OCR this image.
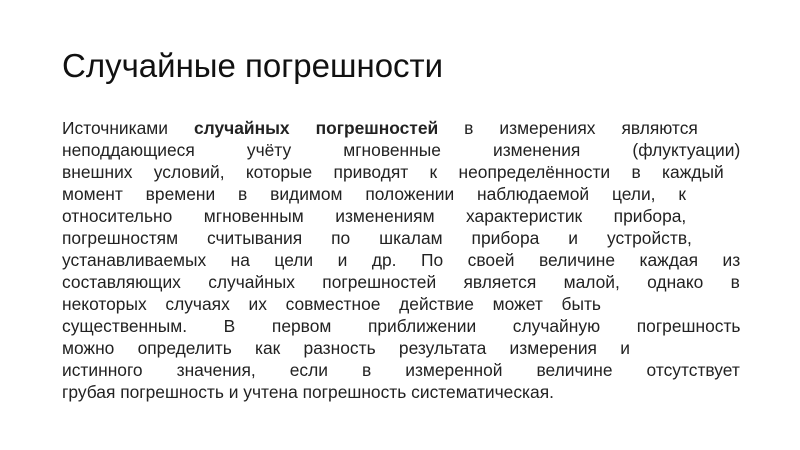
Случайные погрешности
Источниками случайных погрешностей в измерениях являются
неподдающиеся учёту мгновенные изменения (флуктуации)
внешних условий, которые приводят к неопределённости в каждый
момент времени в видимом положении наблюдаемой цели, к
относительно мгновенным изменениям характеристик прибора,
погрешностям считывания по шкалам прибора и устройств,
устанавливаемых на цели и др. По своей величине каждая из
составляющих случайных погрешностей является малой, однако в
некоторых случаях их совместное действие может быть
существенным. В первом приближении случайную погрешность
можно определить как разность результата измерения и
истинного значения, если в измеренной величине отсутствует
грубая погрешность и учтена погрешность систематическая.
